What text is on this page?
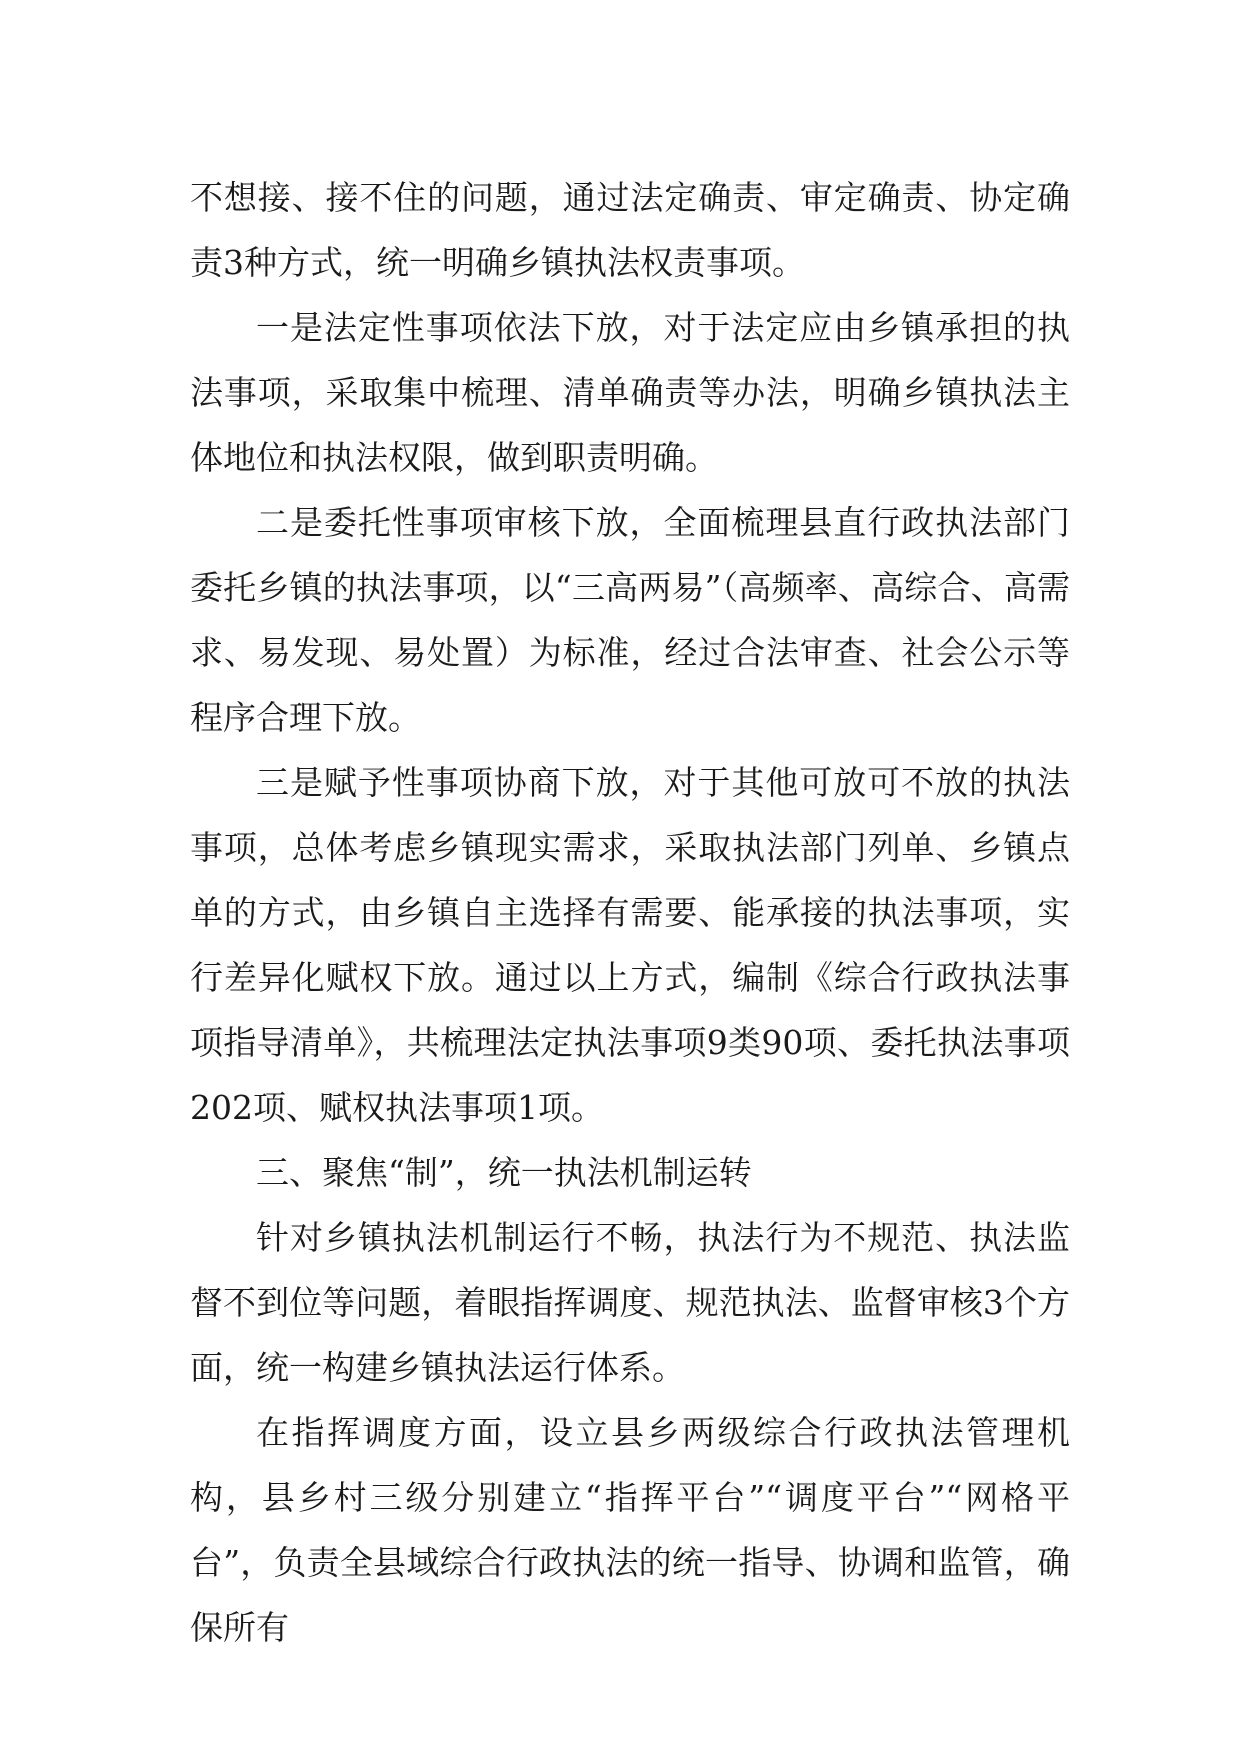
不想接、接不住的问题，通过法定确责、审定确责、协定确责3种方式，统一明确乡镇执法权责事项。

一是法定性事项依法下放，对于法定应由乡镇承担的执法事项，采取集中梳理、清单确责等办法，明确乡镇执法主体地位和执法权限，做到职责明确。

二是委托性事项审核下放，全面梳理县直行政执法部门委托乡镇的执法事项，以“三高两易”（高频率、高综合、高需求、易发现、易处置）为标准，经过合法审查、社会公示等程序合理下放。

三是赋予性事项协商下放，对于其他可放可不放的执法事项，总体考虑乡镇现实需求，采取执法部门列单、乡镇点单的方式，由乡镇自主选择有需要、能承接的执法事项，实行差异化赋权下放。通过以上方式，编制《综合行政执法事项指导清单》，共梳理法定执法事项9类90项、委托执法事项202项、赋权执法事项1项。

三、聚焦“制”，统一执法机制运转

针对乡镇执法机制运行不畅，执法行为不规范、执法监督不到位等问题，着眼指挥调度、规范执法、监督审核3个方面，统一构建乡镇执法运行体系。

在指挥调度方面，设立县乡两级综合行政执法管理机构，县乡村三级分别建立“指挥平台”“调度平台”“网格平台”，负责全县域综合行政执法的统一指导、协调和监管，确保所有
